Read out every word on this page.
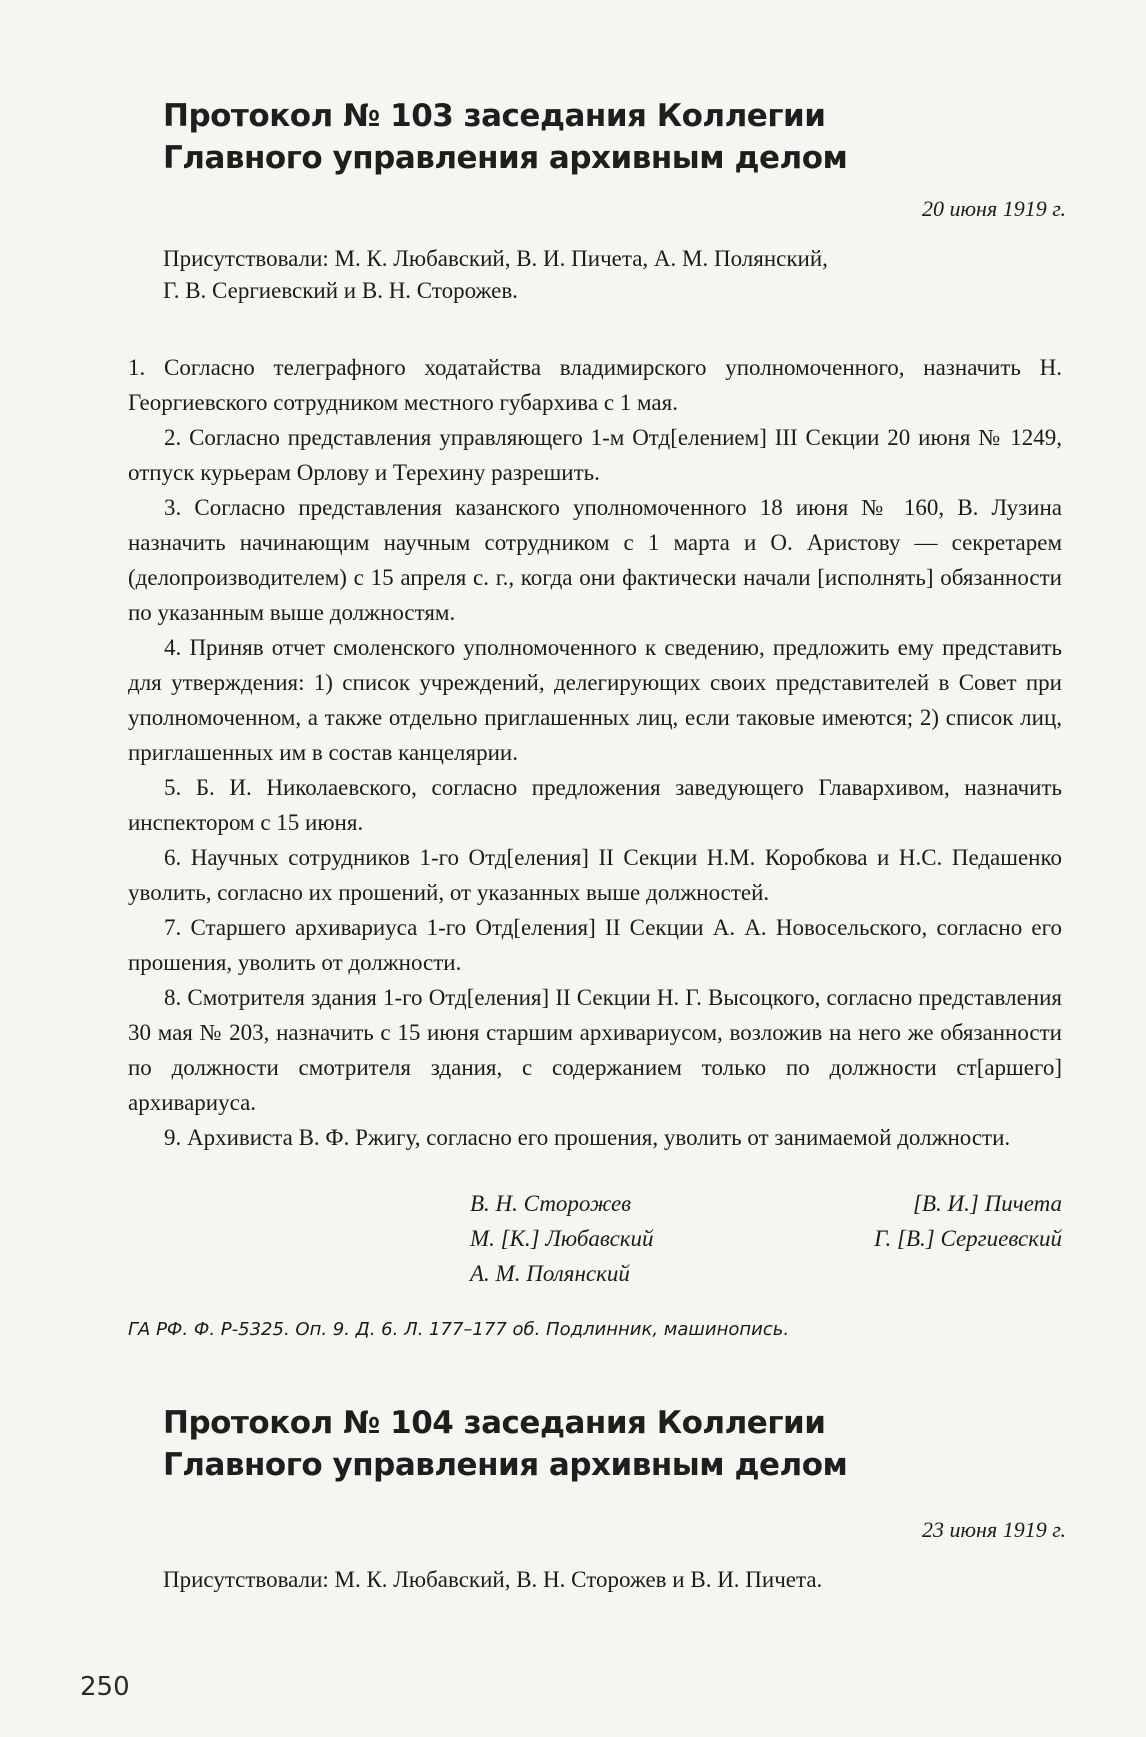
Протокол № 103 заседания Коллегии
Главного управления архивным делом
20 июня 1919 г.
Присутствовали: М. К. Любавский, В. И. Пичета, А. М. Полянский,
Г. В. Сергиевский и В. Н. Сторожев.

1. Согласно телеграфного ходатайства владимирского уполномоченного, назначить Н. Георгиевского сотрудником местного губархива с 1 мая.

2. Согласно представления управляющего 1-м Отд[елением] III Секции 20 июня № 1249, отпуск курьерам Орлову и Терехину разрешить.

3. Согласно представления казанского уполномоченного 18 июня № 160, В. Лузина назначить начинающим научным сотрудником с 1 марта и О. Аристову — секретарем (делопроизводителем) с 15 апреля с. г., когда они фактически начали [исполнять] обязанности по указанным выше должностям.

4. Приняв отчет смоленского уполномоченного к сведению, предложить ему представить для утверждения: 1) список учреждений, делегирующих своих представителей в Совет при уполномоченном, а также отдельно приглашенных лиц, если таковые имеются; 2) список лиц, приглашенных им в состав канцелярии.

5. Б. И. Николаевского, согласно предложения заведующего Главархивом, назначить инспектором с 15 июня.

6. Научных сотрудников 1-го Отд[еления] II Секции Н.М. Коробкова и Н.С. Педашенко уволить, согласно их прошений, от указанных выше должностей.

7. Старшего архивариуса 1-го Отд[еления] II Секции А. А. Новосельского, согласно его прошения, уволить от должности.

8. Смотрителя здания 1-го Отд[еления] II Секции Н. Г. Высоцкого, согласно представления 30 мая № 203, назначить с 15 июня старшим архивариусом, возложив на него же обязанности по должности смотрителя здания, с содержанием только по должности ст[аршего] архивариуса.

9. Архивиста В. Ф. Ржигу, согласно его прошения, уволить от занимаемой должности.

В. Н. Сторожев	[В. И.] Пичета
М. [К.] Любавский	Г. [В.] Сергиевский
А. М. Полянский
ГА РФ. Ф. Р-5325. Оп. 9. Д. 6. Л. 177–177 об. Подлинник, машинопись.
Протокол № 104 заседания Коллегии
Главного управления архивным делом
23 июня 1919 г.
Присутствовали: М. К. Любавский, В. Н. Сторожев и В. И. Пичета.
250
